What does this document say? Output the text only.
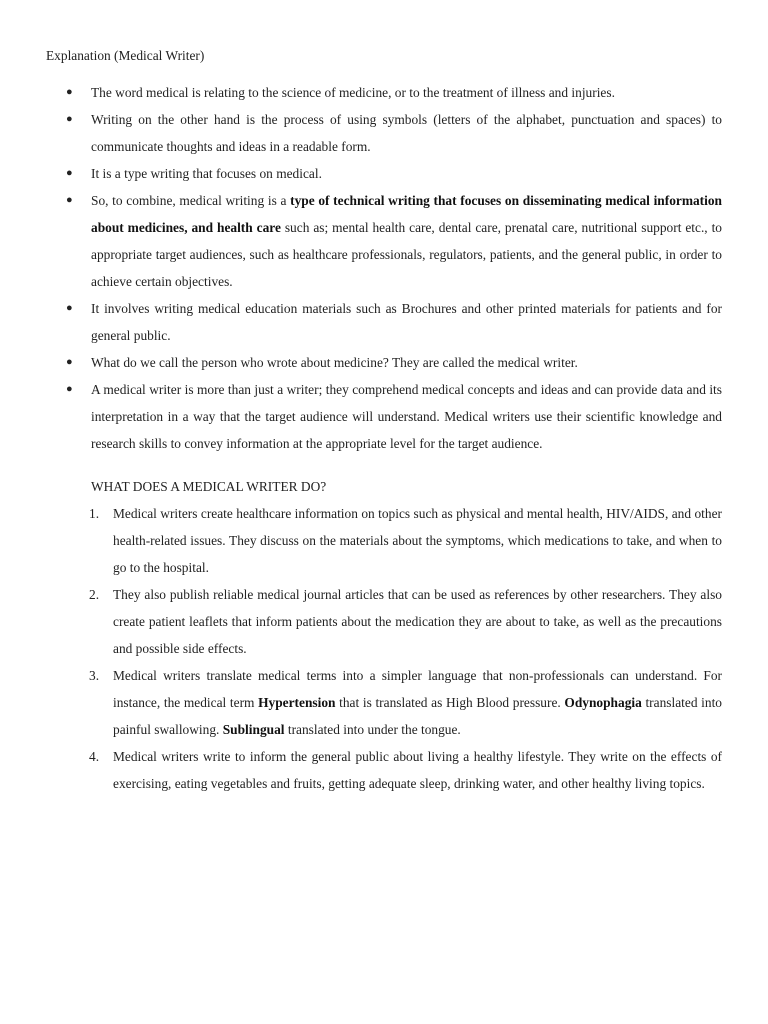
Explanation (Medical Writer)
● The word medical is relating to the science of medicine, or to the treatment of illness and injuries.
● Writing on the other hand is the process of using symbols (letters of the alphabet, punctuation and spaces) to communicate thoughts and ideas in a readable form.
● It is a type writing that focuses on medical.
● So, to combine, medical writing is a type of technical writing that focuses on disseminating medical information about medicines, and health care such as; mental health care, dental care, prenatal care, nutritional support etc., to appropriate target audiences, such as healthcare professionals, regulators, patients, and the general public, in order to achieve certain objectives.
● It involves writing medical education materials such as Brochures and other printed materials for patients and for general public.
● What do we call the person who wrote about medicine? They are called the medical writer.
● A medical writer is more than just a writer; they comprehend medical concepts and ideas and can provide data and its interpretation in a way that the target audience will understand. Medical writers use their scientific knowledge and research skills to convey information at the appropriate level for the target audience.
WHAT DOES A MEDICAL WRITER DO?
1. Medical writers create healthcare information on topics such as physical and mental health, HIV/AIDS, and other health-related issues. They discuss on the materials about the symptoms, which medications to take, and when to go to the hospital.
2. They also publish reliable medical journal articles that can be used as references by other researchers. They also create patient leaflets that inform patients about the medication they are about to take, as well as the precautions and possible side effects.
3. Medical writers translate medical terms into a simpler language that non-professionals can understand. For instance, the medical term Hypertension that is translated as High Blood pressure. Odynophagia translated into painful swallowing. Sublingual translated into under the tongue.
4. Medical writers write to inform the general public about living a healthy lifestyle. They write on the effects of exercising, eating vegetables and fruits, getting adequate sleep, drinking water, and other healthy living topics.
